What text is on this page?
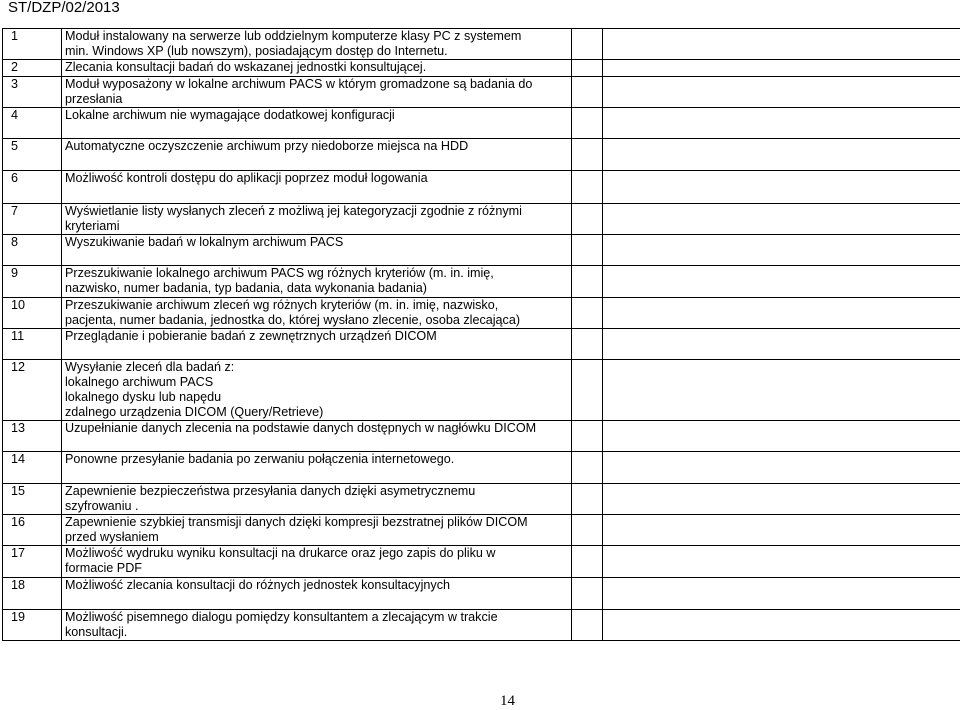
ST/DZP/02/2013
1	Moduł instalowany na serwerze lub oddzielnym komputerze klasy PC z systemem
min. Windows XP (lub nowszym), posiadającym dostęp do Internetu.		

2	Zlecania konsultacji badań do wskazanej jednostki konsultującej.		

3	Moduł wyposażony w lokalne archiwum PACS w którym gromadzone są badania do
przesłania		

4	Lokalne archiwum nie wymagające dodatkowej konfiguracji		

5	Automatyczne oczyszczenie archiwum przy niedoborze miejsca na HDD		

6	Możliwość kontroli dostępu do aplikacji poprzez moduł logowania		

7	Wyświetlanie listy wysłanych zleceń z możliwą jej kategoryzacji zgodnie z różnymi
kryteriami		

8	Wyszukiwanie badań w lokalnym archiwum PACS		

9	Przeszukiwanie lokalnego archiwum PACS wg różnych kryteriów (m. in. imię,
nazwisko, numer badania, typ badania, data wykonania badania)		

10	Przeszukiwanie archiwum zleceń wg różnych kryteriów (m. in. imię, nazwisko,
pacjenta, numer badania, jednostka do, której wysłano zlecenie, osoba zlecająca)		

11	Przeglądanie i pobieranie badań z zewnętrznych urządzeń DICOM		

12	Wysyłanie zleceń dla badań z:
lokalnego archiwum PACS
lokalnego dysku lub napędu
zdalnego urządzenia DICOM (Query/Retrieve)		

13	Uzupełnianie danych zlecenia na podstawie danych dostępnych w nagłówku DICOM		

14	Ponowne przesyłanie badania po zerwaniu połączenia internetowego.		

15	Zapewnienie bezpieczeństwa przesyłania danych dzięki asymetrycznemu
szyfrowaniu .		

16	Zapewnienie szybkiej transmisji danych dzięki kompresji bezstratnej plików DICOM
przed wysłaniem		

17	Możliwość wydruku wyniku konsultacji na drukarce oraz jego zapis do pliku w
formacie PDF		

18	Możliwość zlecania konsultacji do różnych jednostek konsultacyjnych		

19	Możliwość pisemnego dialogu pomiędzy konsultantem a zlecającym w trakcie
konsultacji.		

14
